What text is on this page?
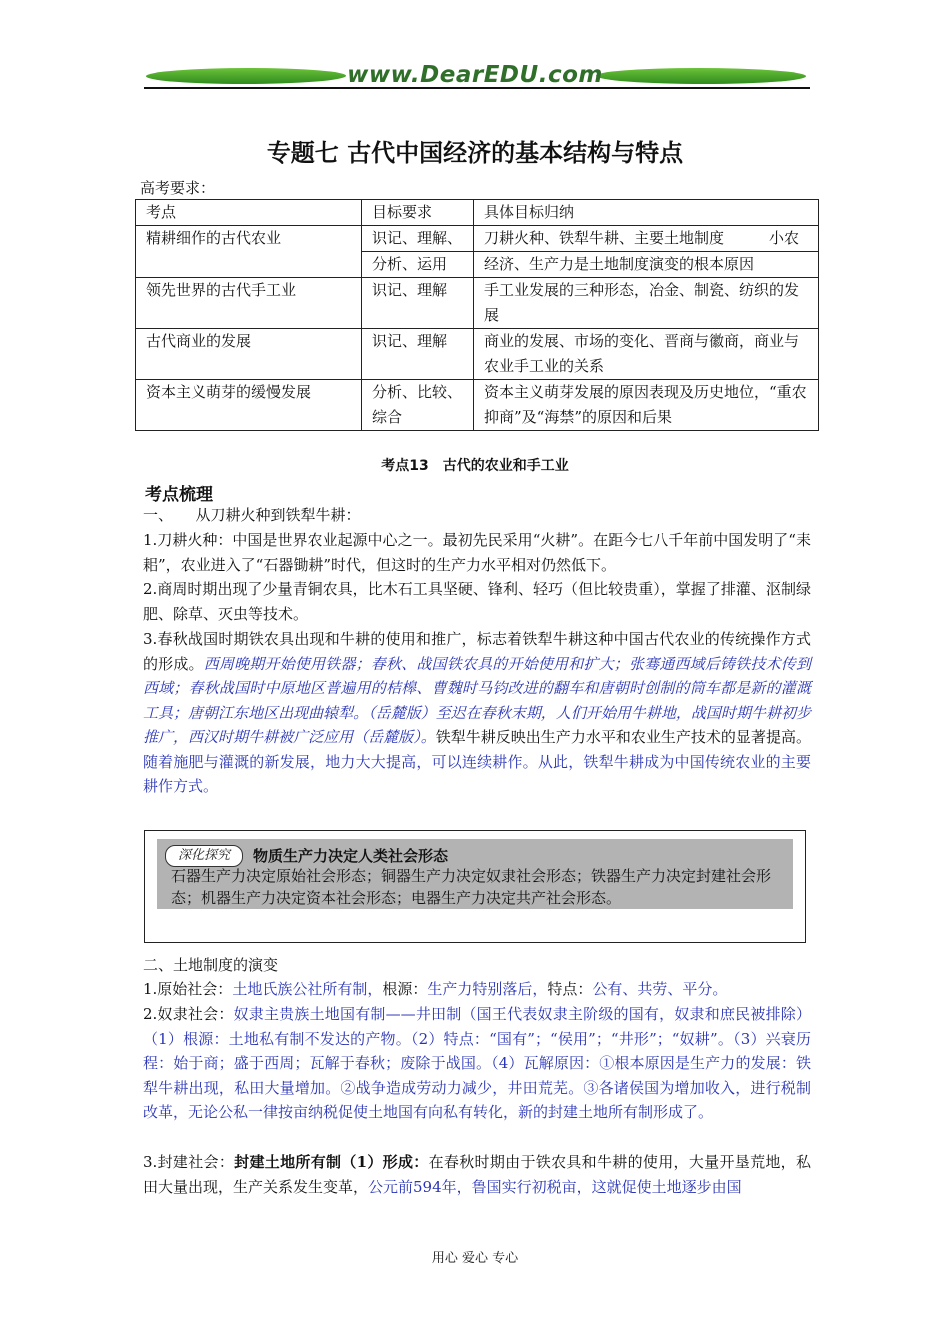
www.DearEDU.com
专题七 古代中国经济的基本结构与特点
高考要求：
考点	目标要求	具体目标归纳
精耕细作的古代农业	识记、理解、	刀耕火种、铁犁牛耕、主要土地制度　　　小农
	分析、运用	经济、生产力是土地制度演变的根本原因
领先世界的古代手工业	识记、理解	手工业发展的三种形态，冶金、制瓷、纺织的发展
古代商业的发展	识记、理解	商业的发展、市场的变化、晋商与徽商，商业与农业手工业的关系
资本主义萌芽的缓慢发展	分析、比较、综合	资本主义萌芽发展的原因表现及历史地位，“重农抑商”及“海禁”的原因和后果
考点13　古代的农业和手工业
考点梳理
一、　　从刀耕火种到铁犁牛耕：
1.刀耕火种：中国是世界农业起源中心之一。最初先民采用“火耕”。在距今七八千年前中国发明了“耒耜”，农业进入了“石器锄耕”时代，但这时的生产力水平相对仍然低下。
2.商周时期出现了少量青铜农具，比木石工具坚硬、锋利、轻巧（但比较贵重），掌握了排灌、沤制绿肥、除草、灭虫等技术。
3.春秋战国时期铁农具出现和牛耕的使用和推广，标志着铁犁牛耕这种中国古代农业的传统操作方式的形成。西周晚期开始使用铁器；春秋、战国铁农具的开始使用和扩大；张骞通西域后铸铁技术传到西域；春秋战国时中原地区普遍用的桔槔、曹魏时马钧改进的翻车和唐朝时创制的筒车都是新的灌溉工具；唐朝江东地区出现曲辕犁。（岳麓版）至迟在春秋末期，人们开始用牛耕地，战国时期牛耕初步推广，西汉时期牛耕被广泛应用（岳麓版）。铁犁牛耕反映出生产力水平和农业生产技术的显著提高。随着施肥与灌溉的新发展，地力大大提高，可以连续耕作。从此，铁犁牛耕成为中国传统农业的主要耕作方式。
深化探究	物质生产力决定人类社会形态
石器生产力决定原始社会形态；铜器生产力决定奴隶社会形态；铁器生产力决定封建社会形态；机器生产力决定资本社会形态；电器生产力决定共产社会形态。
二、土地制度的演变
1.原始社会：土地氏族公社所有制，根源：生产力特别落后，特点：公有、共劳、平分。
2.奴隶社会：奴隶主贵族土地国有制——井田制（国王代表奴隶主阶级的国有，奴隶和庶民被排除）（1）根源：土地私有制不发达的产物。（2）特点：“国有”；“侯用”；“井形”；“奴耕”。（3）兴衰历程：始于商；盛于西周；瓦解于春秋；废除于战国。（4）瓦解原因：①根本原因是生产力的发展：铁犁牛耕出现，私田大量增加。②战争造成劳动力减少，井田荒芜。③各诸侯国为增加收入，进行税制改革，无论公私一律按亩纳税促使土地国有向私有转化，新的封建土地所有制形成了。
3.封建社会：封建土地所有制（1）形成：在春秋时期由于铁农具和牛耕的使用，大量开垦荒地，私田大量出现，生产关系发生变革，公元前594年，鲁国实行初税亩，这就促使土地逐步由国
用心 爱心 专心
